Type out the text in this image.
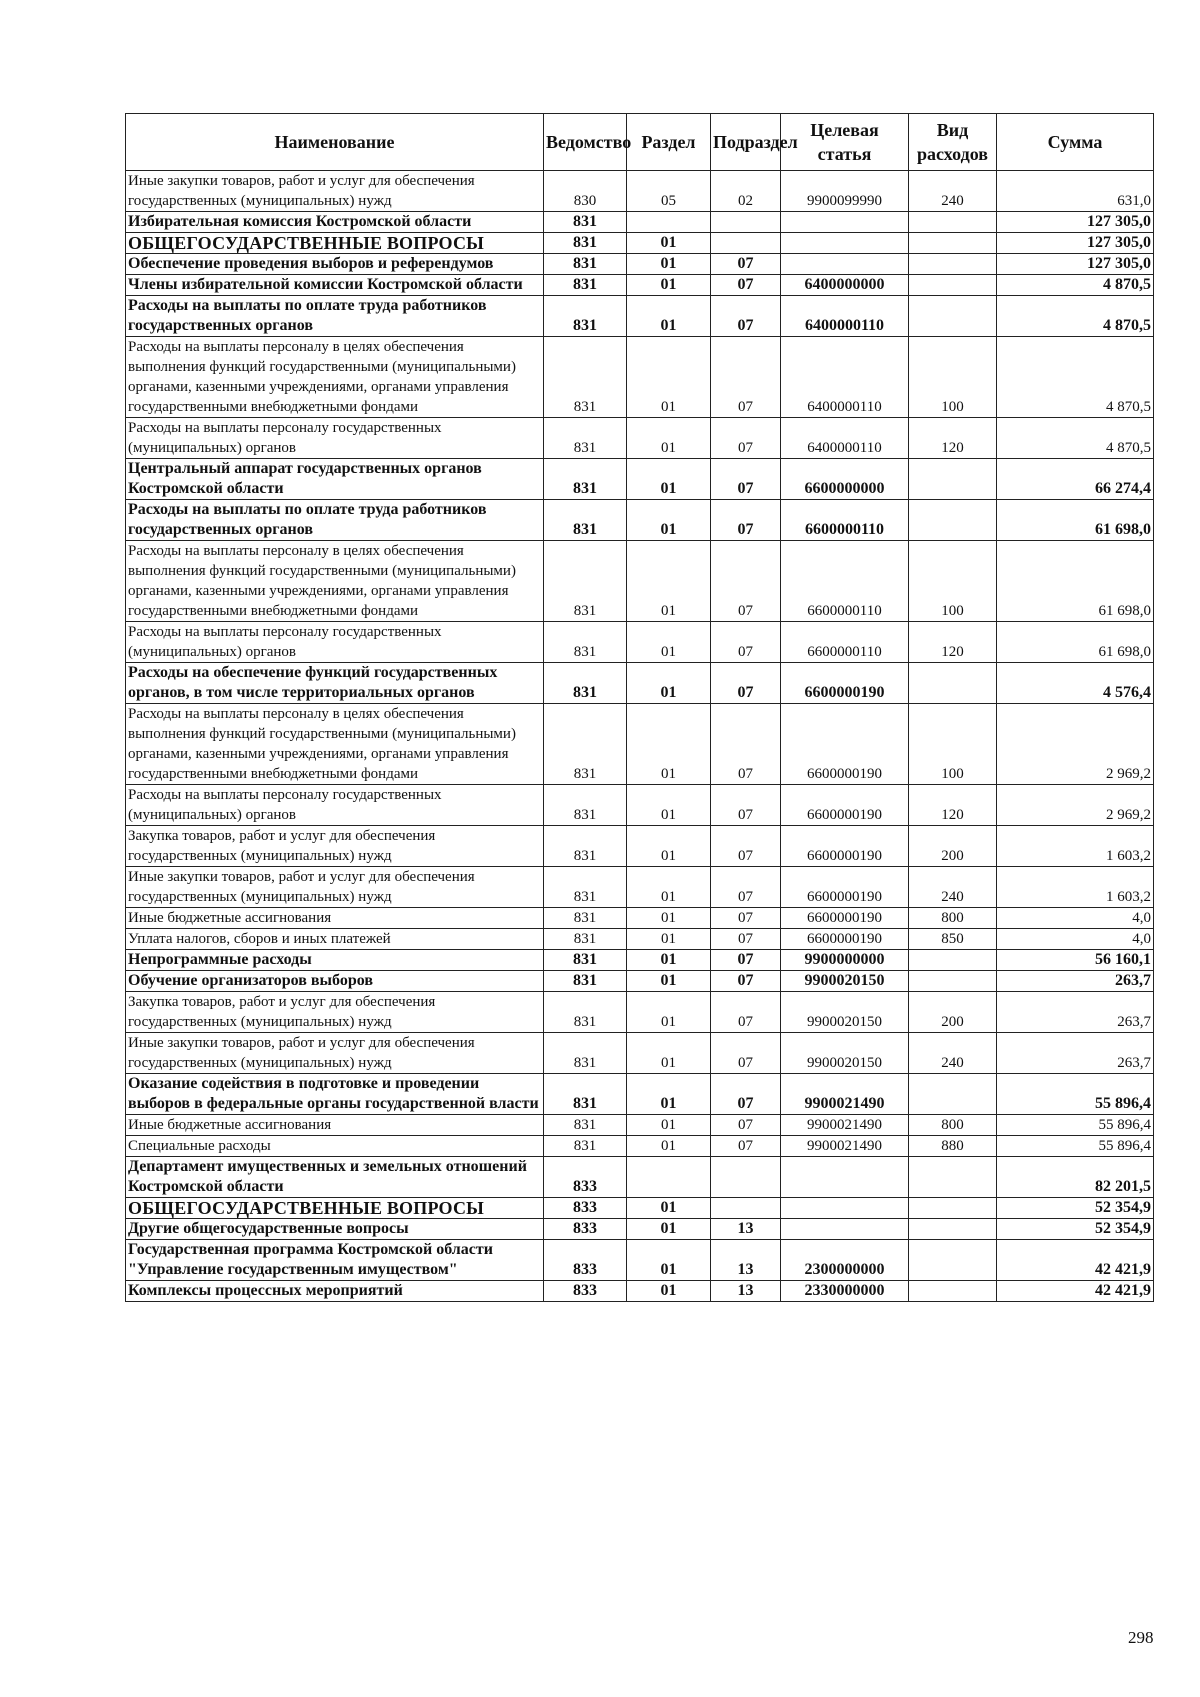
Наименование	Ведомство	Раздел	Подраздел	Целевая статья	Вид расходов	Сумма
Иные закупки товаров, работ и услуг для обеспечения государственных (муниципальных) нужд	830	05	02	9900099990	240	631,0
Избирательная комиссия Костромской области	831					127 305,0
ОБЩЕГОСУДАРСТВЕННЫЕ ВОПРОСЫ	831	01				127 305,0
Обеспечение проведения выборов и референдумов	831	01	07			127 305,0
Члены избирательной комиссии Костромской области	831	01	07	6400000000		4 870,5
Расходы на выплаты по оплате труда работников государственных органов	831	01	07	6400000110		4 870,5
Расходы на выплаты персоналу в целях обеспечения выполнения функций государственными (муниципальными) органами, казенными учреждениями, органами управления государственными внебюджетными фондами	831	01	07	6400000110	100	4 870,5
Расходы на выплаты персоналу государственных (муниципальных) органов	831	01	07	6400000110	120	4 870,5
Центральный аппарат государственных органов Костромской области	831	01	07	6600000000		66 274,4
Расходы на выплаты по оплате труда работников государственных органов	831	01	07	6600000110		61 698,0
Расходы на выплаты персоналу в целях обеспечения выполнения функций государственными (муниципальными) органами, казенными учреждениями, органами управления государственными внебюджетными фондами	831	01	07	6600000110	100	61 698,0
Расходы на выплаты персоналу государственных (муниципальных) органов	831	01	07	6600000110	120	61 698,0
Расходы на обеспечение функций государственных органов, в том числе территориальных органов	831	01	07	6600000190		4 576,4
Расходы на выплаты персоналу в целях обеспечения выполнения функций государственными (муниципальными) органами, казенными учреждениями, органами управления государственными внебюджетными фондами	831	01	07	6600000190	100	2 969,2
Расходы на выплаты персоналу государственных (муниципальных) органов	831	01	07	6600000190	120	2 969,2
Закупка товаров, работ и услуг для обеспечения государственных (муниципальных) нужд	831	01	07	6600000190	200	1 603,2
Иные закупки товаров, работ и услуг для обеспечения государственных (муниципальных) нужд	831	01	07	6600000190	240	1 603,2
Иные бюджетные ассигнования	831	01	07	6600000190	800	4,0
Уплата налогов, сборов и иных платежей	831	01	07	6600000190	850	4,0
Непрограммные расходы	831	01	07	9900000000		56 160,1
Обучение организаторов выборов	831	01	07	9900020150		263,7
Закупка товаров, работ и услуг для обеспечения государственных (муниципальных) нужд	831	01	07	9900020150	200	263,7
Иные закупки товаров, работ и услуг для обеспечения государственных (муниципальных) нужд	831	01	07	9900020150	240	263,7
Оказание содействия в подготовке и проведении выборов в федеральные органы государственной власти	831	01	07	9900021490		55 896,4
Иные бюджетные ассигнования	831	01	07	9900021490	800	55 896,4
Специальные расходы	831	01	07	9900021490	880	55 896,4
Департамент имущественных и земельных отношений Костромской области	833					82 201,5
ОБЩЕГОСУДАРСТВЕННЫЕ ВОПРОСЫ	833	01				52 354,9
Другие общегосударственные вопросы	833	01	13			52 354,9
Государственная программа Костромской области "Управление государственным имуществом"	833	01	13	2300000000		42 421,9
Комплексы процессных мероприятий	833	01	13	2330000000		42 421,9
298
